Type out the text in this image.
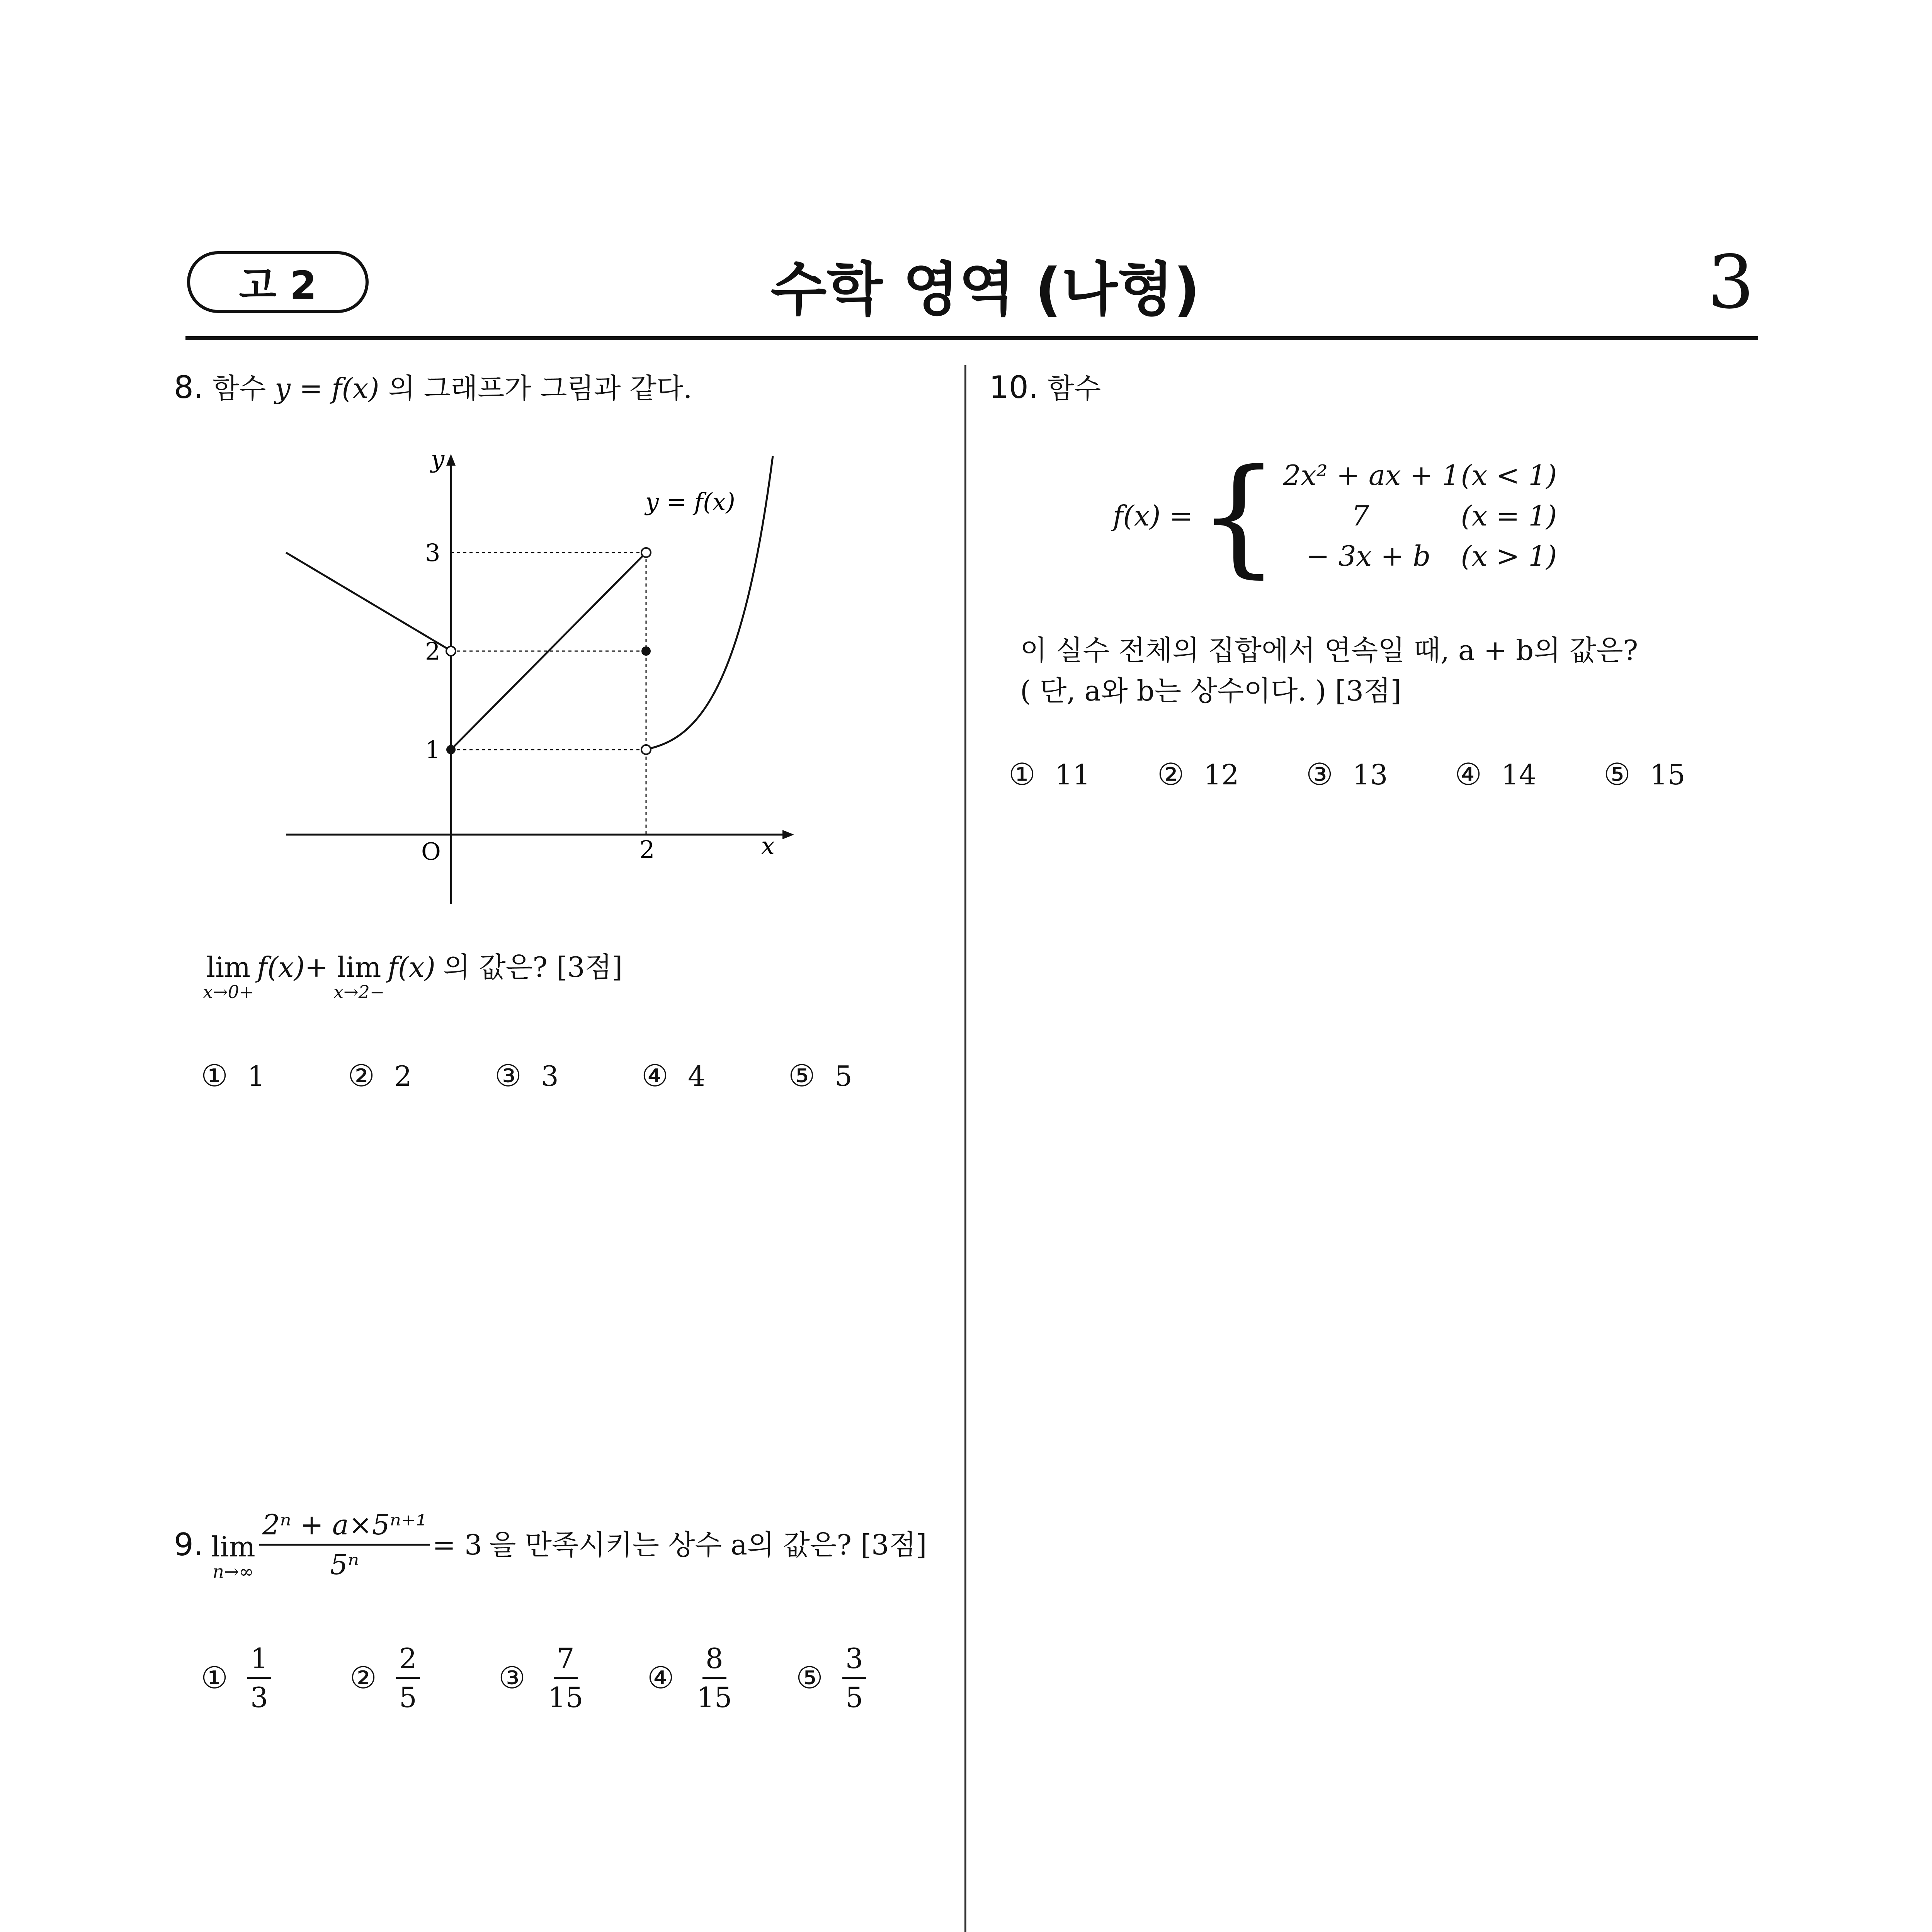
고 2	수학 영역 (나형)	3
8. 함수 y = f(x) 의 그래프가 그림과 같다.
y
x
O
3
2
1
2
y = f(x)
lim
x→0+
f(x)+ lim
x→2−
f(x) 의 값은? [3점]
① 1	② 2	③ 3	④ 4	⑤ 5
9. lim
$n\to\infty \frac{\text{2ⁿ + a×5ⁿ⁺¹}}{\text{5ⁿ}} = 3$ 을 만족시키는 상수 a의 값은? [3점]
① $\frac{1}{3}$	② $\frac{2}{5}$	③ $\frac{7}{15}$ ④ $\frac{8}{15}$ ⑤ $\frac{3}{5}$
10. 함수
f(x) = { 2x² + ax + 1 (x < 1)
7	(x = 1)
− 3x + b	(x > 1)
이 실수 전체의 집합에서 연속일 때, a + b의 값은?
( 단, a와 b는 상수이다. ) [3점]
① 11 ② 12 ③ 13 ④ 14 ⑤ 15
